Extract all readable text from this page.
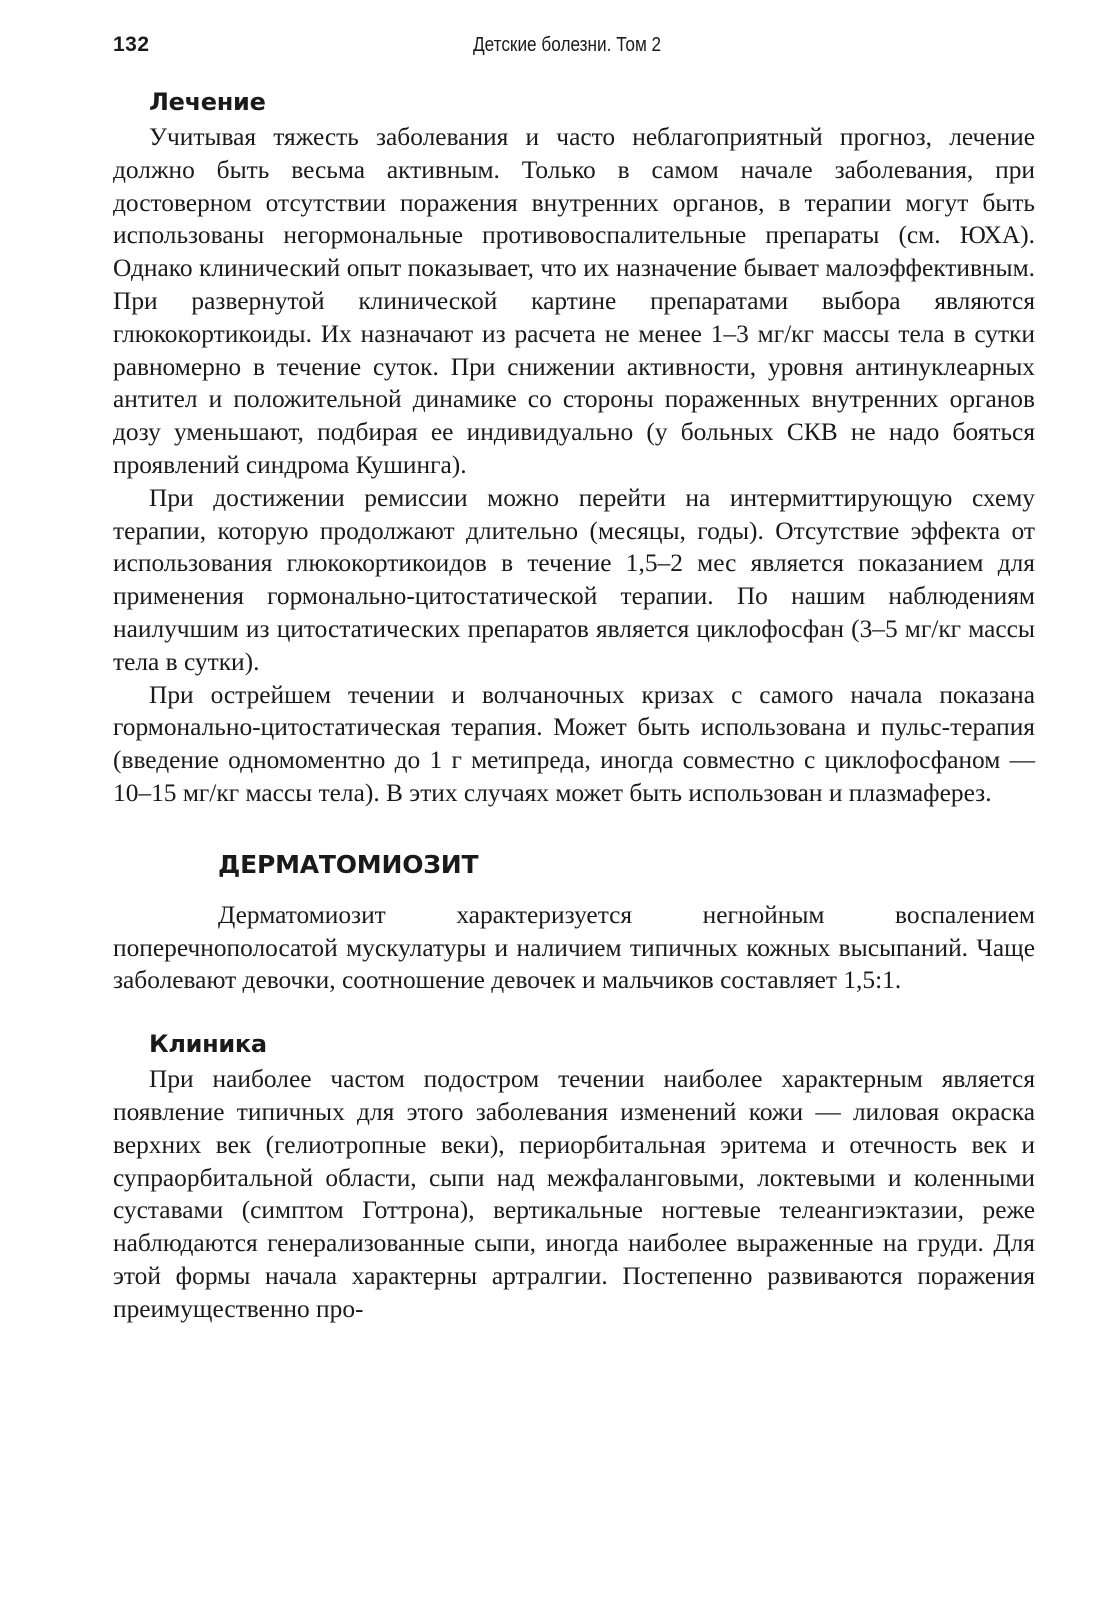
132	Детские болезни. Том 2
Лечение

Учитывая тяжесть заболевания и часто неблагоприятный прогноз, лечение должно быть весьма активным. Только в самом начале заболевания, при достоверном отсутствии поражения внутренних органов, в терапии могут быть использованы негормональные противовоспалительные препараты (см. ЮХА). Однако клинический опыт показывает, что их назначение бывает малоэффективным. При развернутой клинической картине препаратами выбора являются глюкокортикоиды. Их назначают из расчета не менее 1–3 мг/кг массы тела в сутки равномерно в течение суток. При снижении активности, уровня антинуклеарных антител и положительной динамике со стороны пораженных внутренних органов дозу уменьшают, подбирая ее индивидуально (у больных СКВ не надо бояться проявлений синдрома Кушинга).

При достижении ремиссии можно перейти на интермиттирующую схему терапии, которую продолжают длительно (месяцы, годы). Отсутствие эффекта от использования глюкокортикоидов в течение 1,5–2 мес является показанием для применения гормонально-цитостатической терапии. По нашим наблюдениям наилучшим из цитостатических препаратов является циклофосфан (3–5 мг/кг массы тела в сутки).

При острейшем течении и волчаночных кризах с самого начала показана гормонально-цитостатическая терапия. Может быть использована и пульс-терапия (введение одномоментно до 1 г метипреда, иногда совместно с циклофосфаном — 10–15 мг/кг массы тела). В этих случаях может быть использован и плазмаферез.

ДЕРМАТОМИОЗИТ

Дерматомиозит характеризуется негнойным воспалением поперечнополосатой мускулатуры и наличием типичных кожных высыпаний. Чаще заболевают девочки, соотношение девочек и мальчиков составляет 1,5:1.

Клиника

При наиболее частом подостром течении наиболее характерным является появление типичных для этого заболевания изменений кожи — лиловая окраска верхних век (гелиотропные веки), периорбитальная эритема и отечность век и супраорбитальной области, сыпи над межфаланговыми, локтевыми и коленными суставами (симптом Готтрона), вертикальные ногтевые телеангиэктазии, реже наблюдаются генерализованные сыпи, иногда наиболее выраженные на груди. Для этой формы начала характерны артралгии. Постепенно развиваются поражения преимущественно про-
